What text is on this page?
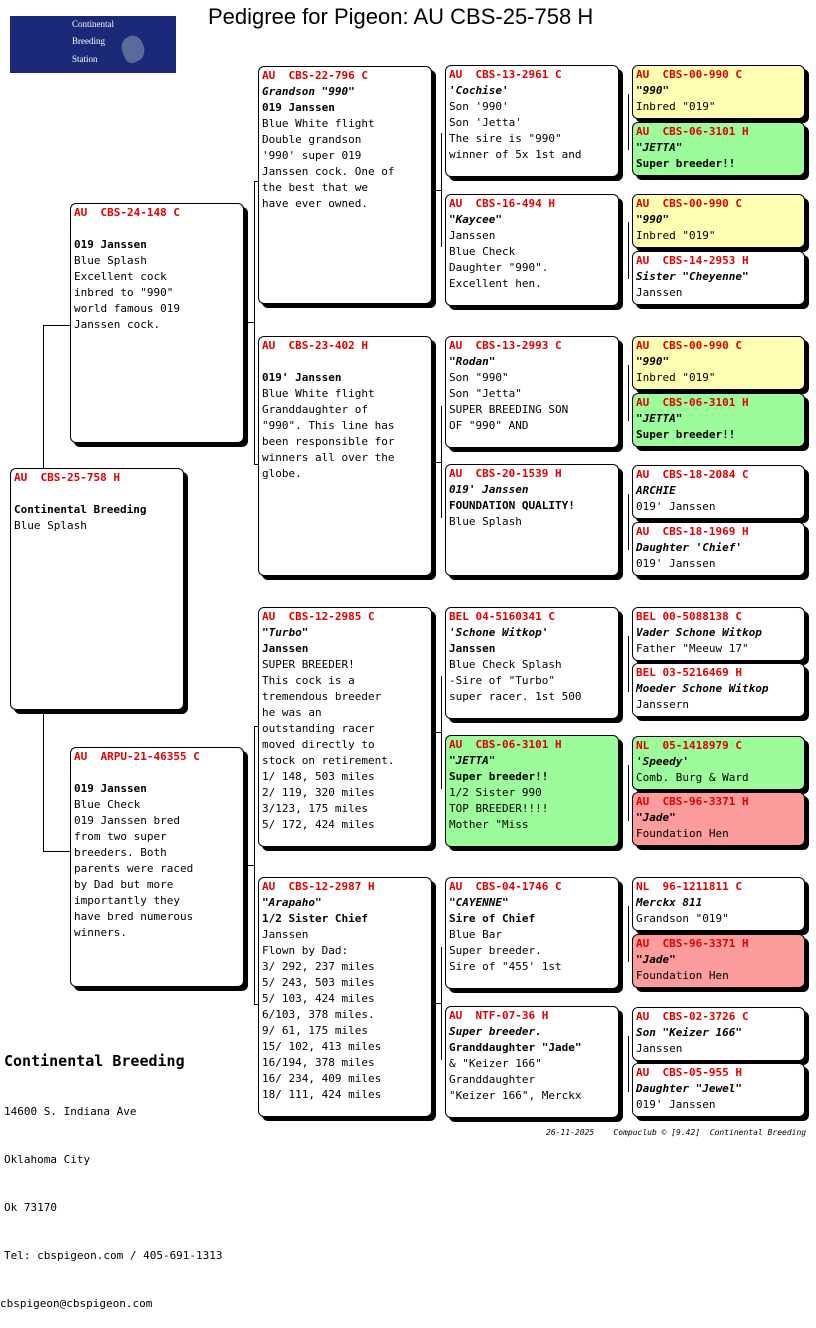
Pedigree for Pigeon: AU CBS-25-758 H
Continental
Breeding
Station
AU  CBS-25-758 H
Continental Breeding
Blue Splash
AU  CBS-24-148 C
019 Janssen
Blue Splash
Excellent cock
inbred to "990"
world famous 019
Janssen cock.
AU  ARPU-21-46355 C
019 Janssen
Blue Check
019 Janssen bred
from two super
breeders. Both
parents were raced
by Dad but more
importantly they
have bred numerous
winners.
AU  CBS-22-796 C
Grandson "990"
019 Janssen
Blue White flight
Double grandson
'990' super 019
Janssen cock. One of
the best that we
have ever owned.
AU  CBS-23-402 H
019' Janssen
Blue White flight
Granddaughter of
"990". This line has
been responsible for
winners all over the
globe.
AU  CBS-12-2985 C
"Turbo"
Janssen
SUPER BREEDER!
This cock is a
tremendous breeder
he was an
outstanding racer
moved directly to
stock on retirement.
1/ 148, 503 miles
2/ 119, 320 miles
3/123, 175 miles
5/ 172, 424 miles
AU  CBS-12-2987 H
"Arapaho"
1/2 Sister Chief
Janssen
Flown by Dad:
3/ 292, 237 miles
5/ 243, 503 miles
5/ 103, 424 miles
6/103, 378 miles.
9/ 61, 175 miles
15/ 102, 413 miles
16/194, 378 miles
16/ 234, 409 miles
18/ 111, 424 miles
AU  CBS-13-2961 C
'Cochise'
Son '990'
Son 'Jetta'
The sire is "990"
winner of 5x 1st and
AU  CBS-16-494 H
"Kaycee"
Janssen
Blue Check
Daughter "990".
Excellent hen.
AU  CBS-13-2993 C
"Rodan"
Son "990"
Son "Jetta"
SUPER BREEDING SON
OF "990" AND
AU  CBS-20-1539 H
019' Janssen
FOUNDATION QUALITY!
Blue Splash
BEL 04-5160341 C
'Schone Witkop'
Janssen
Blue Check Splash
-Sire of "Turbo"
super racer. 1st 500
AU  CBS-06-3101 H
"JETTA"
Super breeder!!
1/2 Sister 990
TOP BREEDER!!!!
Mother "Miss
AU  CBS-04-1746 C
"CAYENNE"
Sire of Chief
Blue Bar
Super breeder.
Sire of "455' 1st
AU  NTF-07-36 H
Super breeder.
Granddaughter "Jade"
& "Keizer 166"
Granddaughter
"Keizer 166", Merckx
AU  CBS-00-990 C
"990"
Inbred "019"
AU  CBS-06-3101 H
"JETTA"
Super breeder!!
AU  CBS-00-990 C
"990"
Inbred "019"
AU  CBS-14-2953 H
Sister "Cheyenne"
Janssen
AU  CBS-00-990 C
"990"
Inbred "019"
AU  CBS-06-3101 H
"JETTA"
Super breeder!!
AU  CBS-18-2084 C
ARCHIE
019' Janssen
AU  CBS-18-1969 H
Daughter 'Chief'
019' Janssen
BEL 00-5088138 C
Vader Schone Witkop
Father "Meeuw 17"
BEL 03-5216469 H
Moeder Schone Witkop
Janssern
NL  05-1418979 C
'Speedy'
Comb. Burg & Ward
AU  CBS-96-3371 H
"Jade"
Foundation Hen
NL  96-1211811 C
Merckx 811
Grandson "019"
AU  CBS-96-3371 H
"Jade"
Foundation Hen
AU  CBS-02-3726 C
Son "Keizer 166"
Janssen
AU  CBS-05-955 H
Daughter "Jewel"
019' Janssen

Continental Breeding

14600 S. Indiana Ave

Oklahoma City

Ok 73170

Tel: cbspigeon.com / 405-691-1313

cbspigeon@cbspigeon.com

26-11-2025    Compuclub © [9.42]  Continental Breeding
